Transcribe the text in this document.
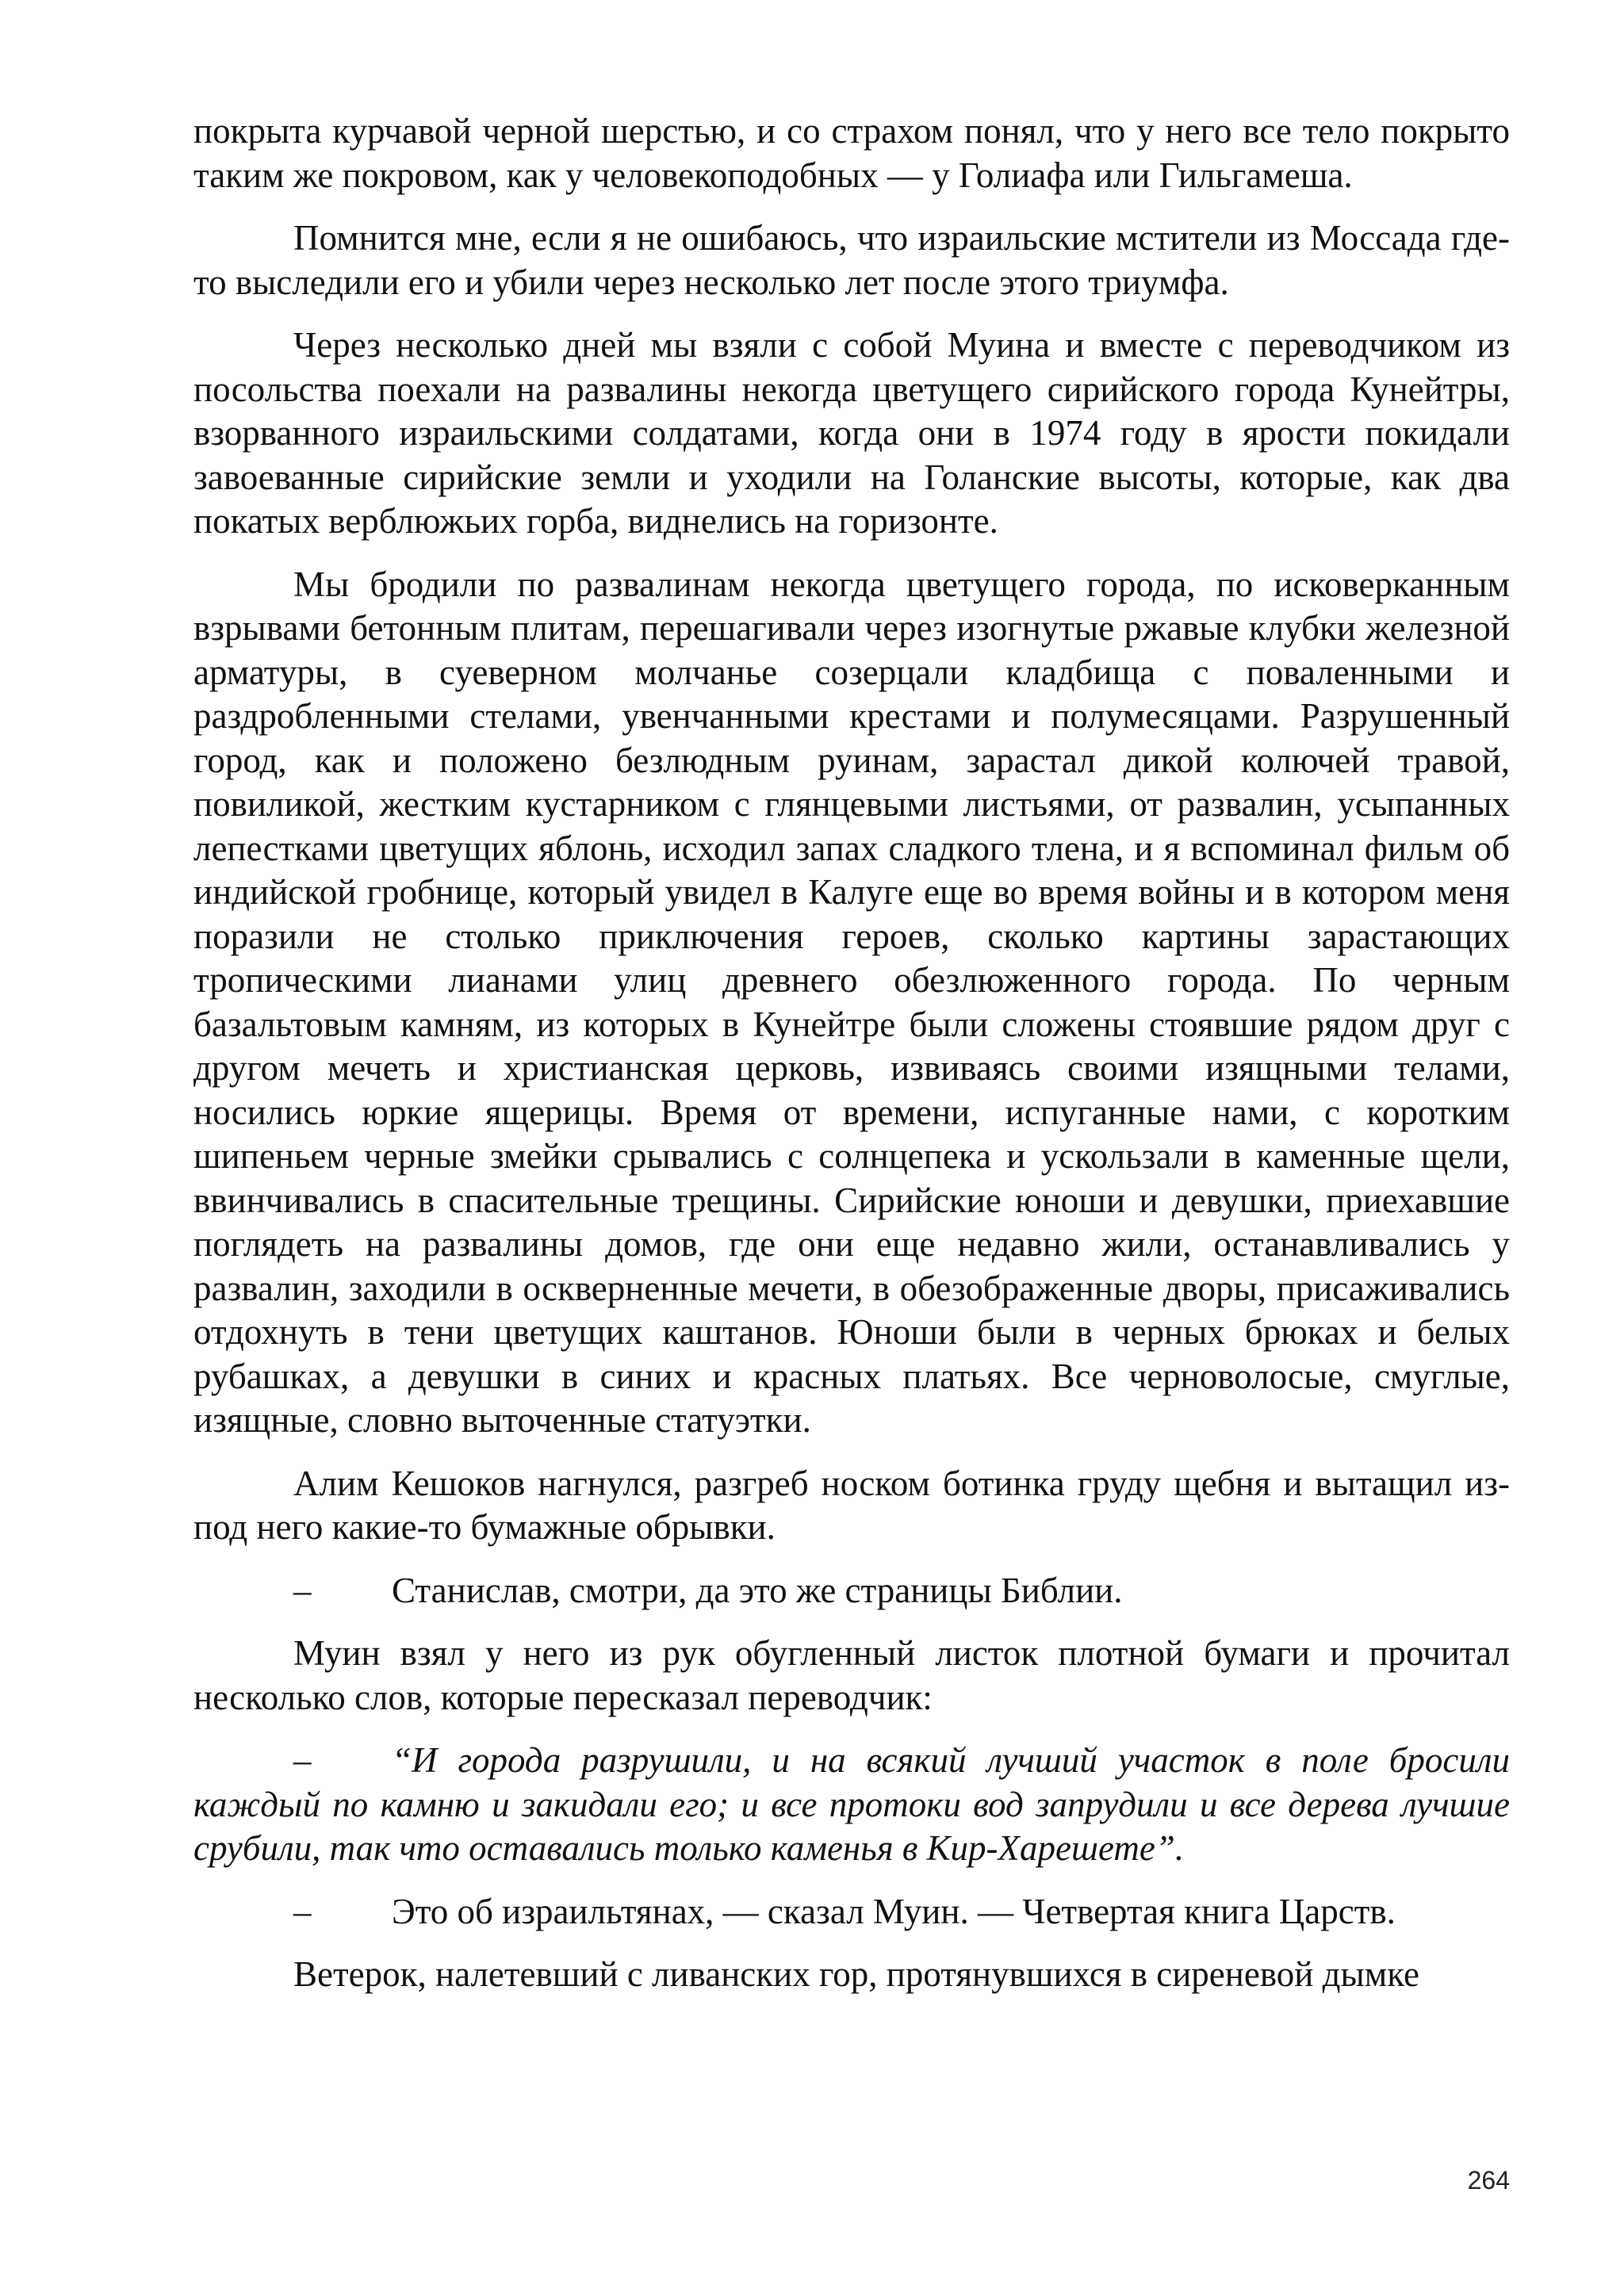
покрыта курчавой черной шерстью, и со страхом понял, что у него все тело покрыто таким же покровом, как у человекоподобных — у Голиафа или Гильгамеша.

Помнится мне, если я не ошибаюсь, что израильские мстители из Моссада где-то выследили его и убили через несколько лет после этого триумфа.

Через несколько дней мы взяли с собой Муина и вместе с переводчиком из посольства поехали на развалины некогда цветущего сирийского города Кунейтры, взорванного израильскими солдатами, когда они в 1974 году в ярости покидали завоеванные сирийские земли и уходили на Голанские высоты, которые, как два покатых верблюжьих горба, виднелись на горизонте.

Мы бродили по развалинам некогда цветущего города, по исковерканным взрывами бетонным плитам, перешагивали через изогнутые ржавые клубки железной арматуры, в суеверном молчанье созерцали кладбища с поваленными и раздробленными стелами, увенчанными крестами и полумесяцами. Разрушенный город, как и положено безлюдным руинам, зарастал дикой колючей травой, повиликой, жестким кустарником с глянцевыми листьями, от развалин, усыпанных лепестками цветущих яблонь, исходил запах сладкого тлена, и я вспоминал фильм об индийской гробнице, который увидел в Калуге еще во время войны и в котором меня поразили не столько приключения героев, сколько картины зарастающих тропическими лианами улиц древнего обезлюженного города. По черным базальтовым камням, из которых в Кунейтре были сложены стоявшие рядом друг с другом мечеть и христианская церковь, извиваясь своими изящными телами, носились юркие ящерицы. Время от времени, испуганные нами, с коротким шипеньем черные змейки срывались с солнцепека и ускользали в каменные щели, ввинчивались в спасительные трещины. Сирийские юноши и девушки, приехавшие поглядеть на развалины домов, где они еще недавно жили, останавливались у развалин, заходили в оскверненные мечети, в обезображенные дворы, присаживались отдохнуть в тени цветущих каштанов. Юноши были в черных брюках и белых рубашках, а девушки в синих и красных платьях. Все черноволосые, смуглые, изящные, словно выточенные статуэтки.

Алим Кешоков нагнулся, разгреб носком ботинка груду щебня и вытащил из-под него какие-то бумажные обрывки.

– Станислав, смотри, да это же страницы Библии.

Муин взял у него из рук обугленный листок плотной бумаги и прочитал несколько слов, которые пересказал переводчик:

– “И города разрушили, и на всякий лучший участок в поле бросили каждый по камню и закидали его; и все протоки вод запрудили и все дерева лучшие срубили, так что оставались только каменья в Кир-Харешете”.

– Это об израильтянах, — сказал Муин. — Четвертая книга Царств.

Ветерок, налетевший с ливанских гор, протянувшихся в сиреневой дымке

264
